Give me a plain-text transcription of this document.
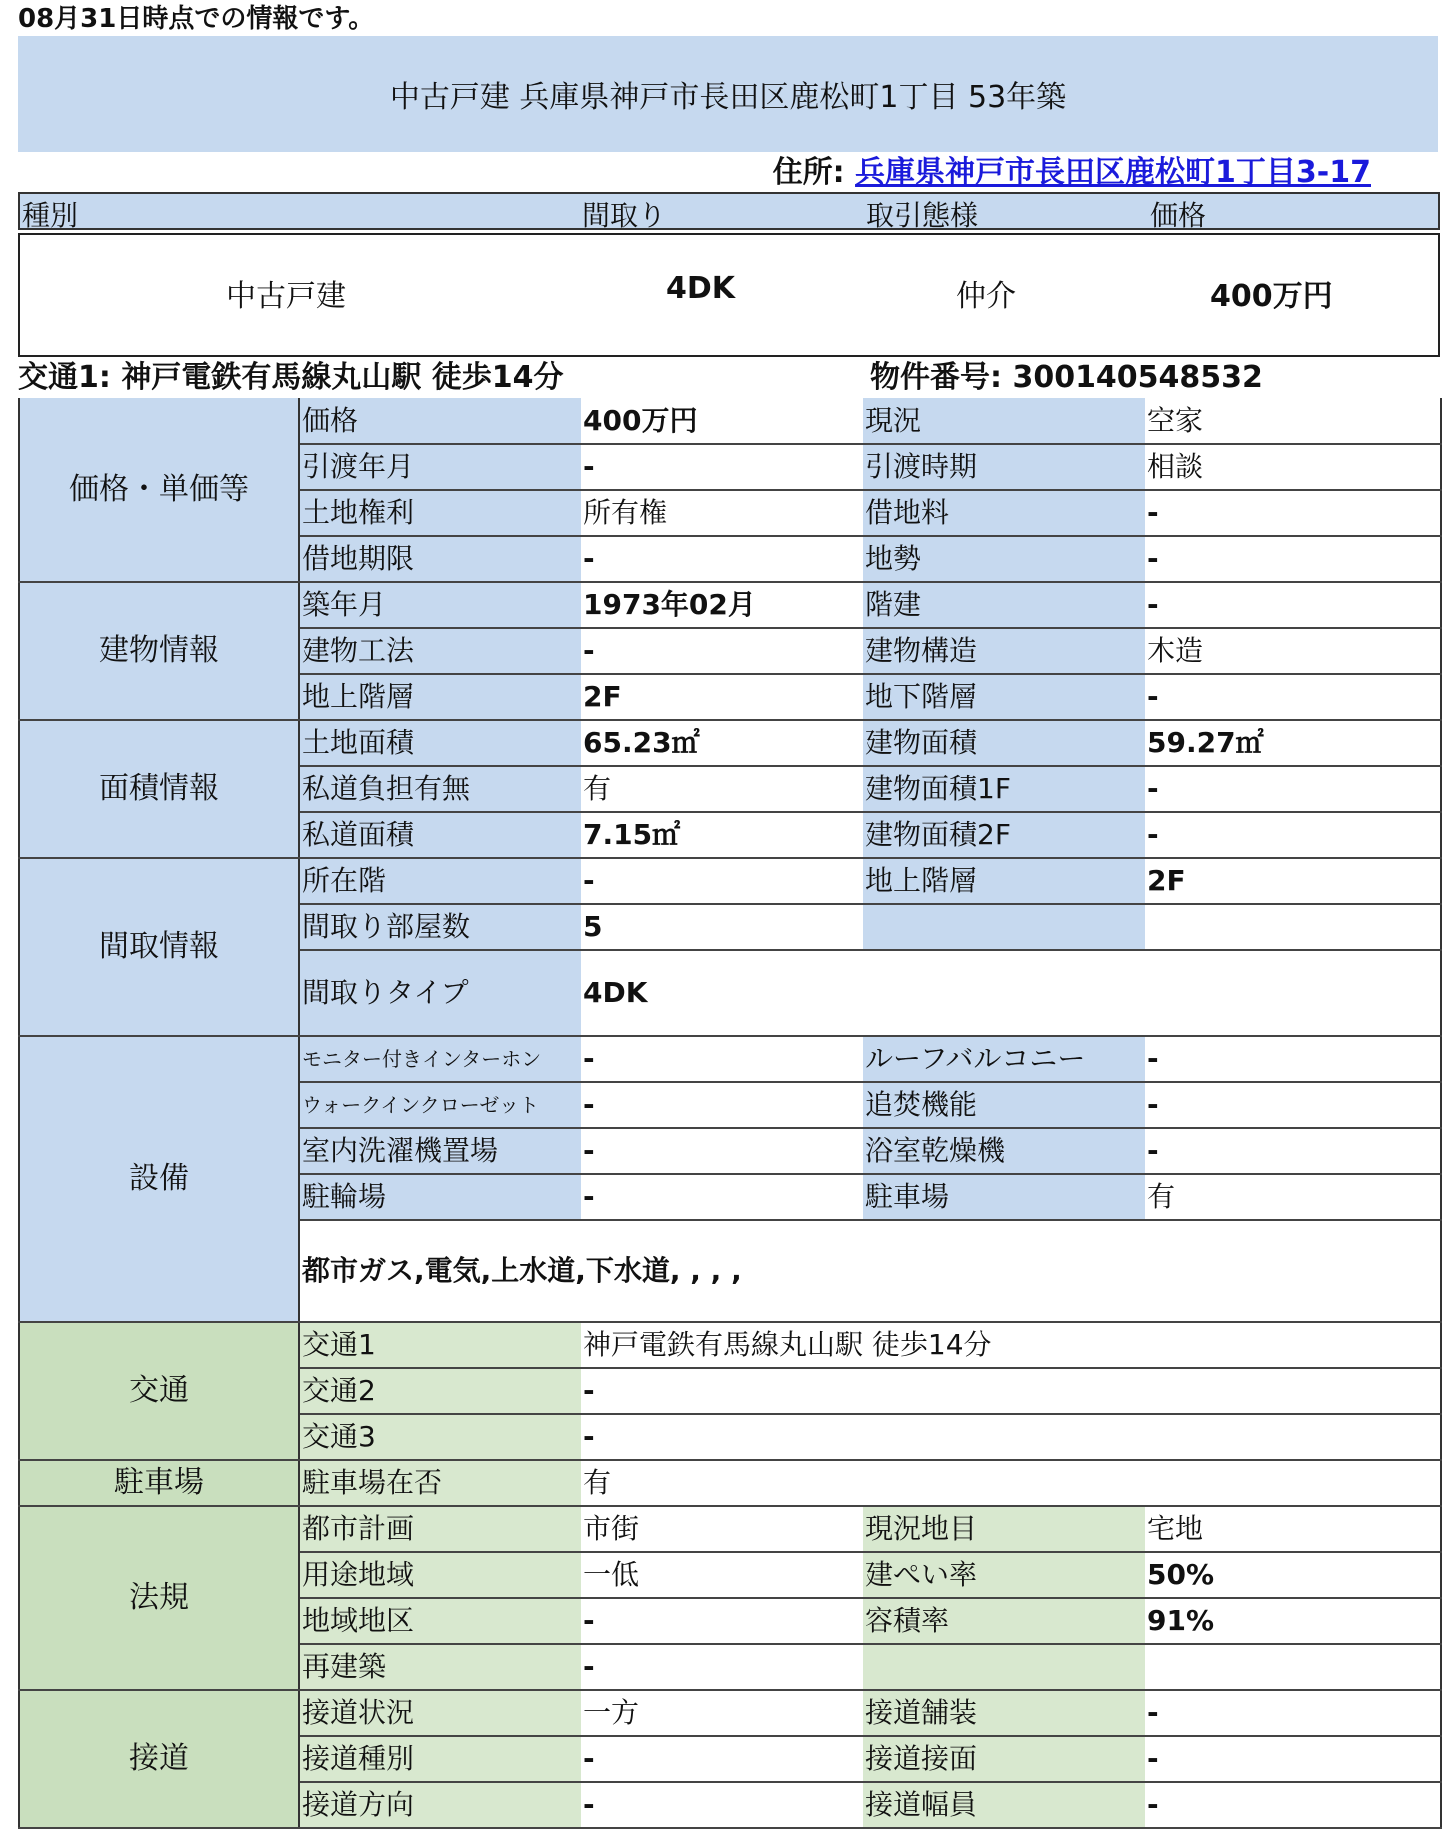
08月31日時点での情報です。
中古戸建 兵庫県神戸市長田区鹿松町1丁目 53年築
住所: 兵庫県神戸市長田区鹿松町1丁目3-17
種別	間取り	取引態様	価格
中古戸建	4DK	仲介	400万円
交通1: 神戸電鉄有馬線丸山駅 徒歩14分	物件番号: 300140548532
価格・単価等	価格	400万円	現況	空家
	引渡年月	-	引渡時期	相談
	土地権利	所有権	借地料	-
	借地期限	-	地勢	-
建物情報	築年月	1973年02月	階建	-
	建物工法	-	建物構造	木造
	地上階層	2F	地下階層	-
面積情報	土地面積	65.23㎡	建物面積	59.27㎡
	私道負担有無	有	建物面積1F	-
	私道面積	7.15㎡	建物面積2F	-
間取情報	所在階	-	地上階層	2F
	間取り部屋数	5		
	間取りタイプ	4DK		
設備	モニター付きインターホン	-	ルーフバルコニー	-
	ウォークインクローゼット	-	追焚機能	-
	室内洗濯機置場	-	浴室乾燥機	-
	駐輪場	-	駐車場	有
	都市ガス,電気,上水道,下水道, , , ,			
交通	交通1	神戸電鉄有馬線丸山駅 徒歩14分		
	交通2	-		
	交通3	-		
駐車場	駐車場在否	有		
法規	都市計画	市街	現況地目	宅地
	用途地域	一低	建ぺい率	50%
	地域地区	-	容積率	91%
	再建築	-		
接道	接道状況	一方	接道舗装	-
	接道種別	-	接道接面	-
	接道方向	-	接道幅員	-
